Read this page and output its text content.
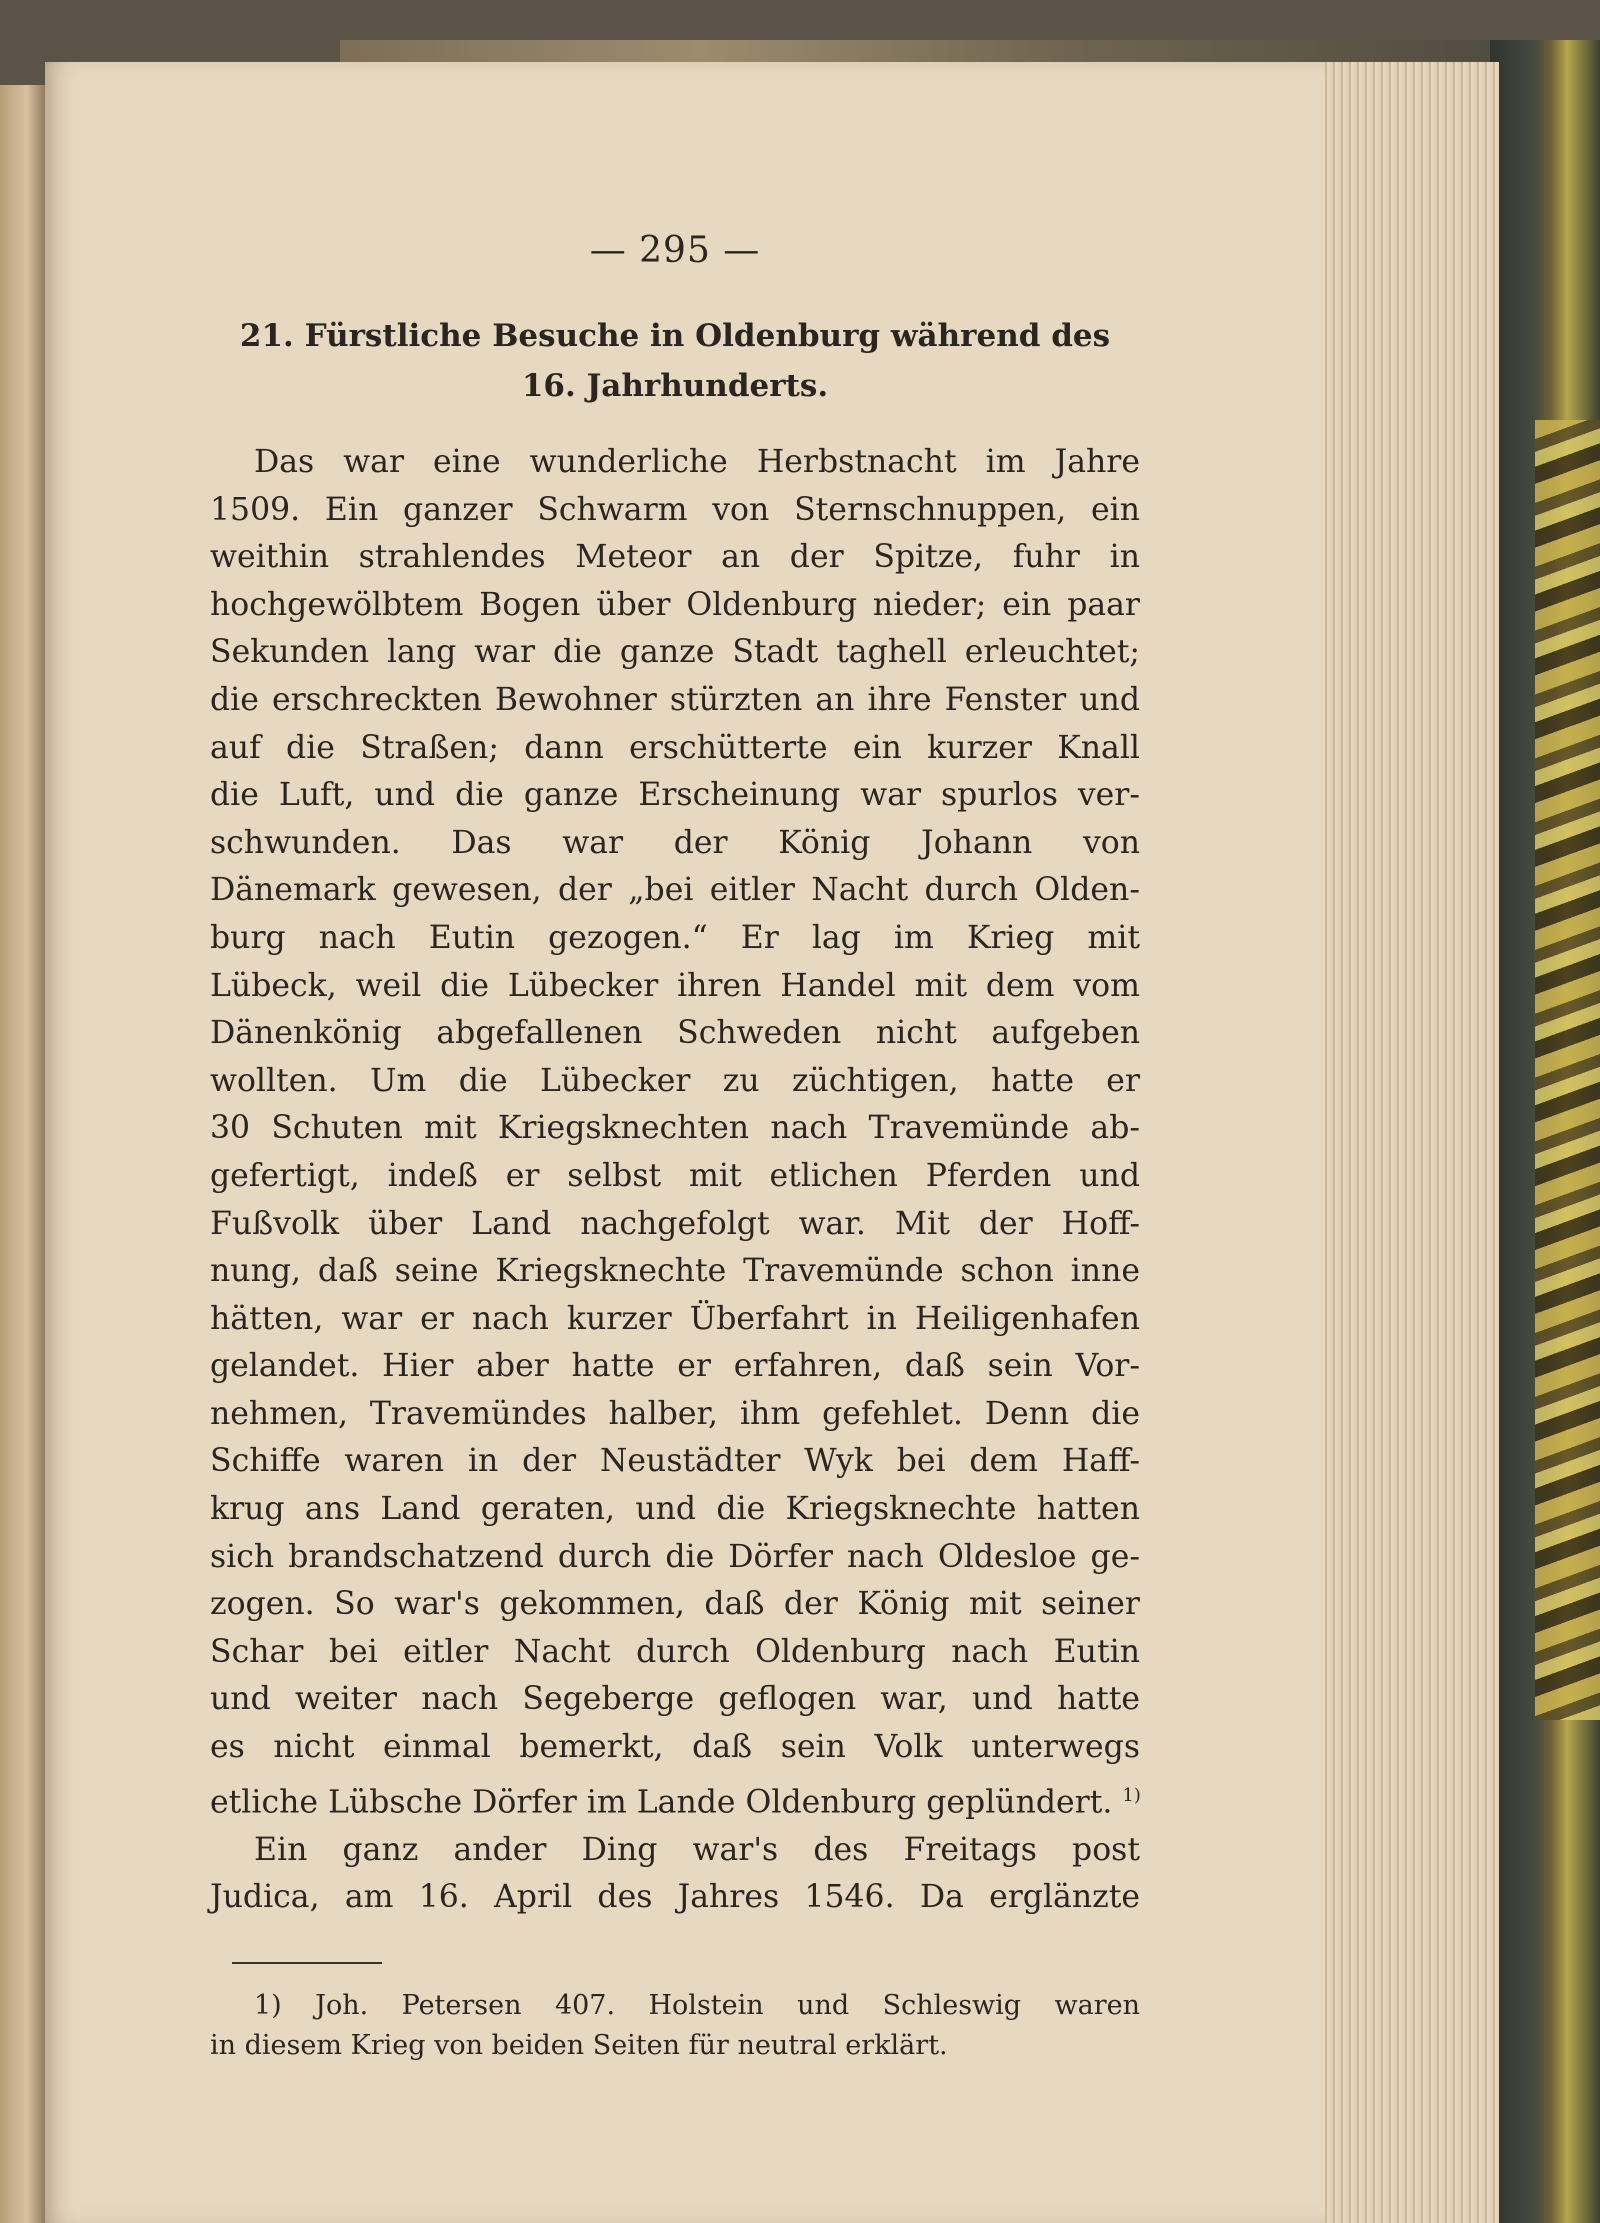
— 295 —
21. Fürstliche Besuche in Oldenburg während des
16. Jahrhunderts.
Das war eine wunderliche Herbstnacht im Jahre
1509. Ein ganzer Schwarm von Sternschnuppen, ein
weithin strahlendes Meteor an der Spitze, fuhr in
hochgewölbtem Bogen über Oldenburg nieder; ein paar
Sekunden lang war die ganze Stadt taghell erleuchtet;
die erschreckten Bewohner stürzten an ihre Fenster und
auf die Straßen; dann erschütterte ein kurzer Knall
die Luft, und die ganze Erscheinung war spurlos ver-
schwunden. Das war der König Johann von
Dänemark gewesen, der „bei eitler Nacht durch Olden-
burg nach Eutin gezogen.“ Er lag im Krieg mit
Lübeck, weil die Lübecker ihren Handel mit dem vom
Dänenkönig abgefallenen Schweden nicht aufgeben
wollten. Um die Lübecker zu züchtigen, hatte er
30 Schuten mit Kriegsknechten nach Travemünde ab-
gefertigt, indeß er selbst mit etlichen Pferden und
Fußvolk über Land nachgefolgt war. Mit der Hoff-
nung, daß seine Kriegsknechte Travemünde schon inne
hätten, war er nach kurzer Überfahrt in Heiligenhafen
gelandet. Hier aber hatte er erfahren, daß sein Vor-
nehmen, Travemündes halber, ihm gefehlet. Denn die
Schiffe waren in der Neustädter Wyk bei dem Haff-
krug ans Land geraten, und die Kriegsknechte hatten
sich brandschatzend durch die Dörfer nach Oldesloe ge-
zogen. So war's gekommen, daß der König mit seiner
Schar bei eitler Nacht durch Oldenburg nach Eutin
und weiter nach Segeberge geflogen war, und hatte
es nicht einmal bemerkt, daß sein Volk unterwegs
etliche Lübsche Dörfer im Lande Oldenburg geplündert. $^{1)}$
Ein ganz ander Ding war's des Freitags post
Judica, am 16. April des Jahres 1546. Da erglänzte
1) Joh. Petersen 407. Holstein und Schleswig waren
in diesem Krieg von beiden Seiten für neutral erklärt.
